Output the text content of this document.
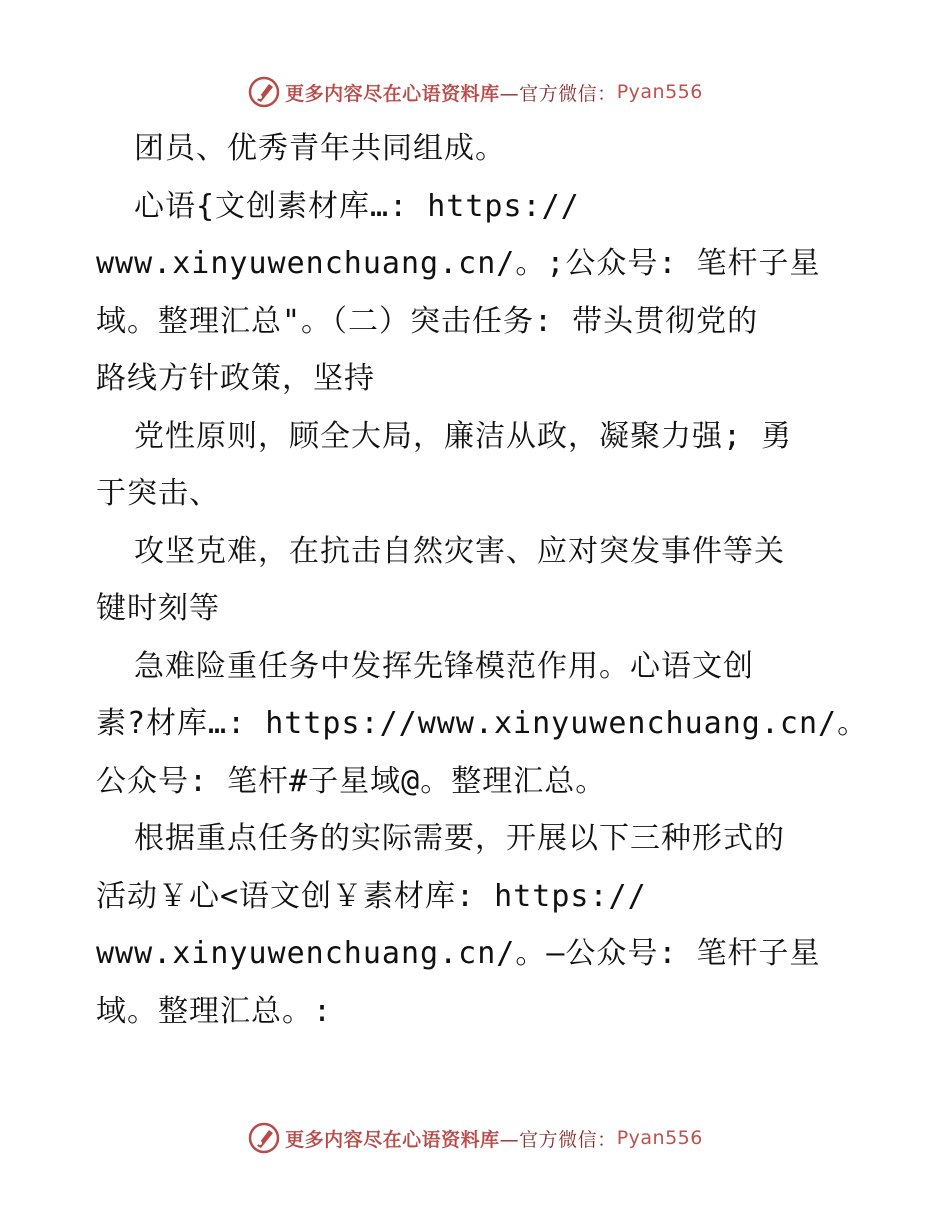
更多内容尽在心语资料库 —官方微信： Pyan556
团员、优秀青年共同组成。
心语{文创素材库…: https://
www.xinyuwenchuang.cn/。;公众号: 笔杆子星
域。整理汇总"。（二）突击任务: 带头贯彻党的
路线方针政策，坚持
党性原则，顾全大局，廉洁从政，凝聚力强; 勇
于突击、
攻坚克难，在抗击自然灾害、应对突发事件等关
键时刻等
急难险重任务中发挥先锋模范作用。心语文创
素?材库…: https://www.xinyuwenchuang.cn/。
公众号: 笔杆#子星域@。整理汇总。
根据重点任务的实际需要，开展以下三种形式的
活动￥心<语文创￥素材库: https://
www.xinyuwenchuang.cn/。—公众号: 笔杆子星
域。整理汇总。:
更多内容尽在心语资料库 —官方微信： Pyan556
